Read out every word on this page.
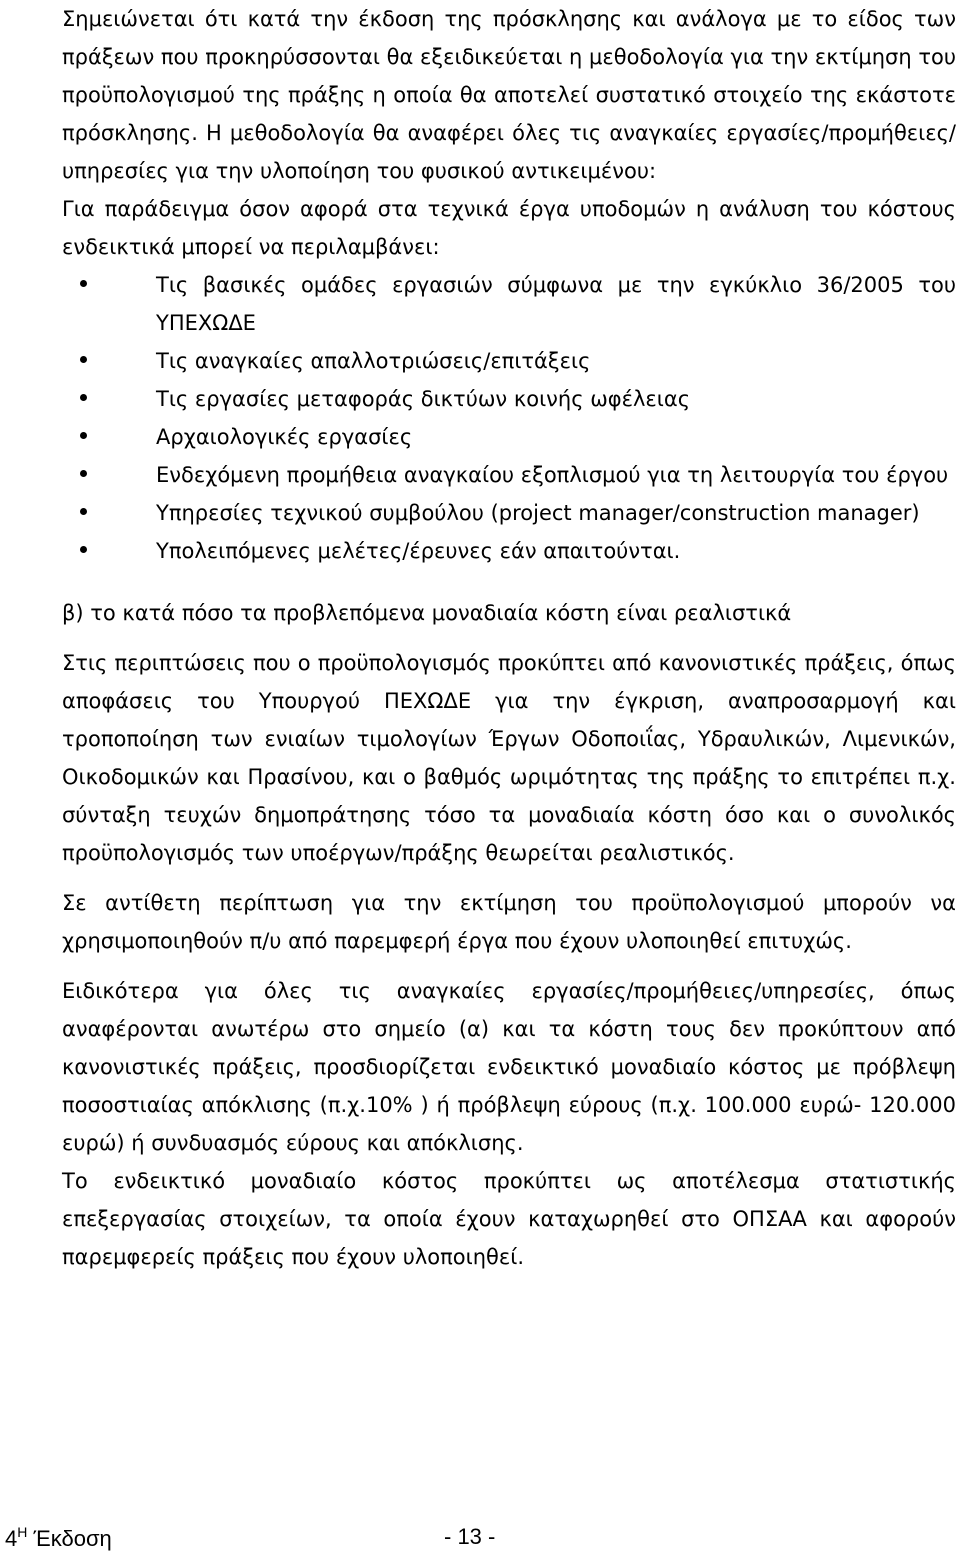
Σημειώνεται ότι κατά την έκδοση της πρόσκλησης και ανάλογα με το είδος των πράξεων που προκηρύσσονται θα εξειδικεύεται η μεθοδολογία για την εκτίμηση του προϋπολογισμού της πράξης η οποία θα αποτελεί συστατικό στοιχείο της εκάστοτε πρόσκλησης. Η μεθοδολογία θα αναφέρει όλες τις αναγκαίες εργασίες/προμήθειες/υπηρεσίες για την υλοποίηση του φυσικού αντικειμένου:

Για παράδειγμα όσον αφορά στα τεχνικά έργα υποδομών η ανάλυση του κόστους ενδεικτικά μπορεί να περιλαμβάνει:

Τις βασικές ομάδες εργασιών σύμφωνα με την εγκύκλιο 36/2005 του ΥΠΕΧΩΔΕ
Τις αναγκαίες απαλλοτριώσεις/επιτάξεις
Τις εργασίες μεταφοράς δικτύων κοινής ωφέλειας
Αρχαιολογικές εργασίες
Ενδεχόμενη προμήθεια αναγκαίου εξοπλισμού για τη λειτουργία του έργου
Υπηρεσίες τεχνικού συμβούλου (project manager/construction manager)
Υπολειπόμενες μελέτες/έρευνες εάν απαιτούνται.

β) το κατά πόσο τα προβλεπόμενα μοναδιαία κόστη είναι ρεαλιστικά

Στις περιπτώσεις που ο προϋπολογισμός προκύπτει από κανονιστικές πράξεις, όπως αποφάσεις του Υπουργού ΠΕΧΩΔΕ για την έγκριση, αναπροσαρμογή και τροποποίηση των ενιαίων τιμολογίων Έργων Οδοποιΐας, Υδραυλικών, Λιμενικών, Οικοδομικών και Πρασίνου, και ο βαθμός ωριμότητας της πράξης το επιτρέπει π.χ. σύνταξη τευχών δημοπράτησης τόσο τα μοναδιαία κόστη όσο και ο συνολικός προϋπολογισμός των υποέργων/πράξης θεωρείται ρεαλιστικός.

Σε αντίθετη περίπτωση για την εκτίμηση του προϋπολογισμού μπορούν να χρησιμοποιηθούν π/υ από παρεμφερή έργα που έχουν υλοποιηθεί επιτυχώς.

Ειδικότερα για όλες τις αναγκαίες εργασίες/προμήθειες/υπηρεσίες, όπως αναφέρονται ανωτέρω στο σημείο (α) και τα κόστη τους δεν προκύπτουν από κανονιστικές πράξεις, προσδιορίζεται ενδεικτικό μοναδιαίο κόστος με πρόβλεψη ποσοστιαίας απόκλισης (π.χ.10% ) ή πρόβλεψη εύρους (π.χ. 100.000 ευρώ- 120.000 ευρώ) ή συνδυασμός εύρους και απόκλισης.

Το ενδεικτικό μοναδιαίο κόστος προκύπτει ως αποτέλεσμα στατιστικής επεξεργασίας στοιχείων, τα οποία έχουν καταχωρηθεί στο ΟΠΣΑΑ και αφορούν παρεμφερείς πράξεις που έχουν υλοποιηθεί.

$4^H$ Έκδοση	- 13 -
